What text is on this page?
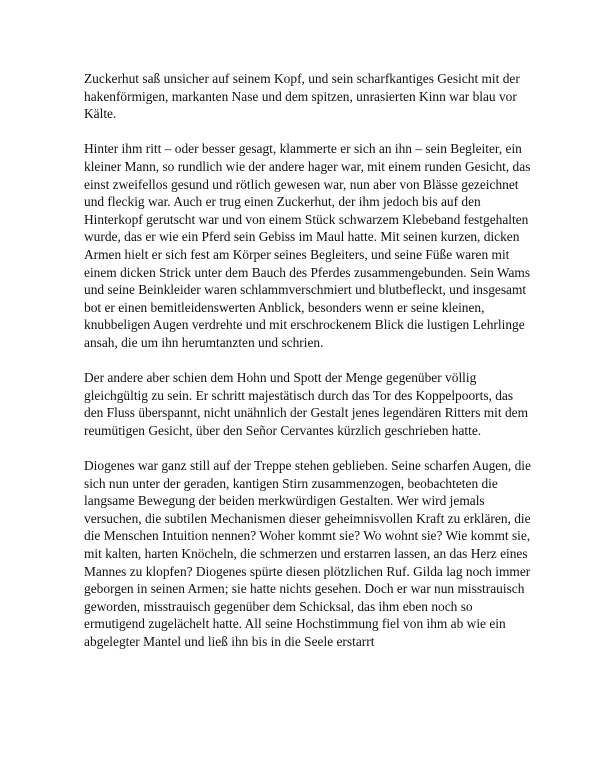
Zuckerhut saß unsicher auf seinem Kopf, und sein scharfkantiges Gesicht mit der hakenförmigen, markanten Nase und dem spitzen, unrasierten Kinn war blau vor Kälte.

Hinter ihm ritt – oder besser gesagt, klammerte er sich an ihn – sein Begleiter, ein kleiner Mann, so rundlich wie der andere hager war, mit einem runden Gesicht, das einst zweifellos gesund und rötlich gewesen war, nun aber von Blässe gezeichnet und fleckig war. Auch er trug einen Zuckerhut, der ihm jedoch bis auf den Hinterkopf gerutscht war und von einem Stück schwarzem Klebeband festgehalten wurde, das er wie ein Pferd sein Gebiss im Maul hatte. Mit seinen kurzen, dicken Armen hielt er sich fest am Körper seines Begleiters, und seine Füße waren mit einem dicken Strick unter dem Bauch des Pferdes zusammengebunden. Sein Wams und seine Beinkleider waren schlammverschmiert und blutbefleckt, und insgesamt bot er einen bemitleidenswerten Anblick, besonders wenn er seine kleinen, knubbeligen Augen verdrehte und mit erschrockenem Blick die lustigen Lehrlinge ansah, die um ihn herumtanzten und schrien.

Der andere aber schien dem Hohn und Spott der Menge gegenüber völlig gleichgültig zu sein. Er schritt majestätisch durch das Tor des Koppelpoorts, das den Fluss überspannt, nicht unähnlich der Gestalt jenes legendären Ritters mit dem reumütigen Gesicht, über den Señor Cervantes kürzlich geschrieben hatte.

Diogenes war ganz still auf der Treppe stehen geblieben. Seine scharfen Augen, die sich nun unter der geraden, kantigen Stirn zusammenzogen, beobachteten die langsame Bewegung der beiden merkwürdigen Gestalten. Wer wird jemals versuchen, die subtilen Mechanismen dieser geheimnisvollen Kraft zu erklären, die die Menschen Intuition nennen? Woher kommt sie? Wo wohnt sie? Wie kommt sie, mit kalten, harten Knöcheln, die schmerzen und erstarren lassen, an das Herz eines Mannes zu klopfen? Diogenes spürte diesen plötzlichen Ruf. Gilda lag noch immer geborgen in seinen Armen; sie hatte nichts gesehen. Doch er war nun misstrauisch geworden, misstrauisch gegenüber dem Schicksal, das ihm eben noch so ermutigend zugelächelt hatte. All seine Hochstimmung fiel von ihm ab wie ein abgelegter Mantel und ließ ihn bis in die Seele erstarrt
